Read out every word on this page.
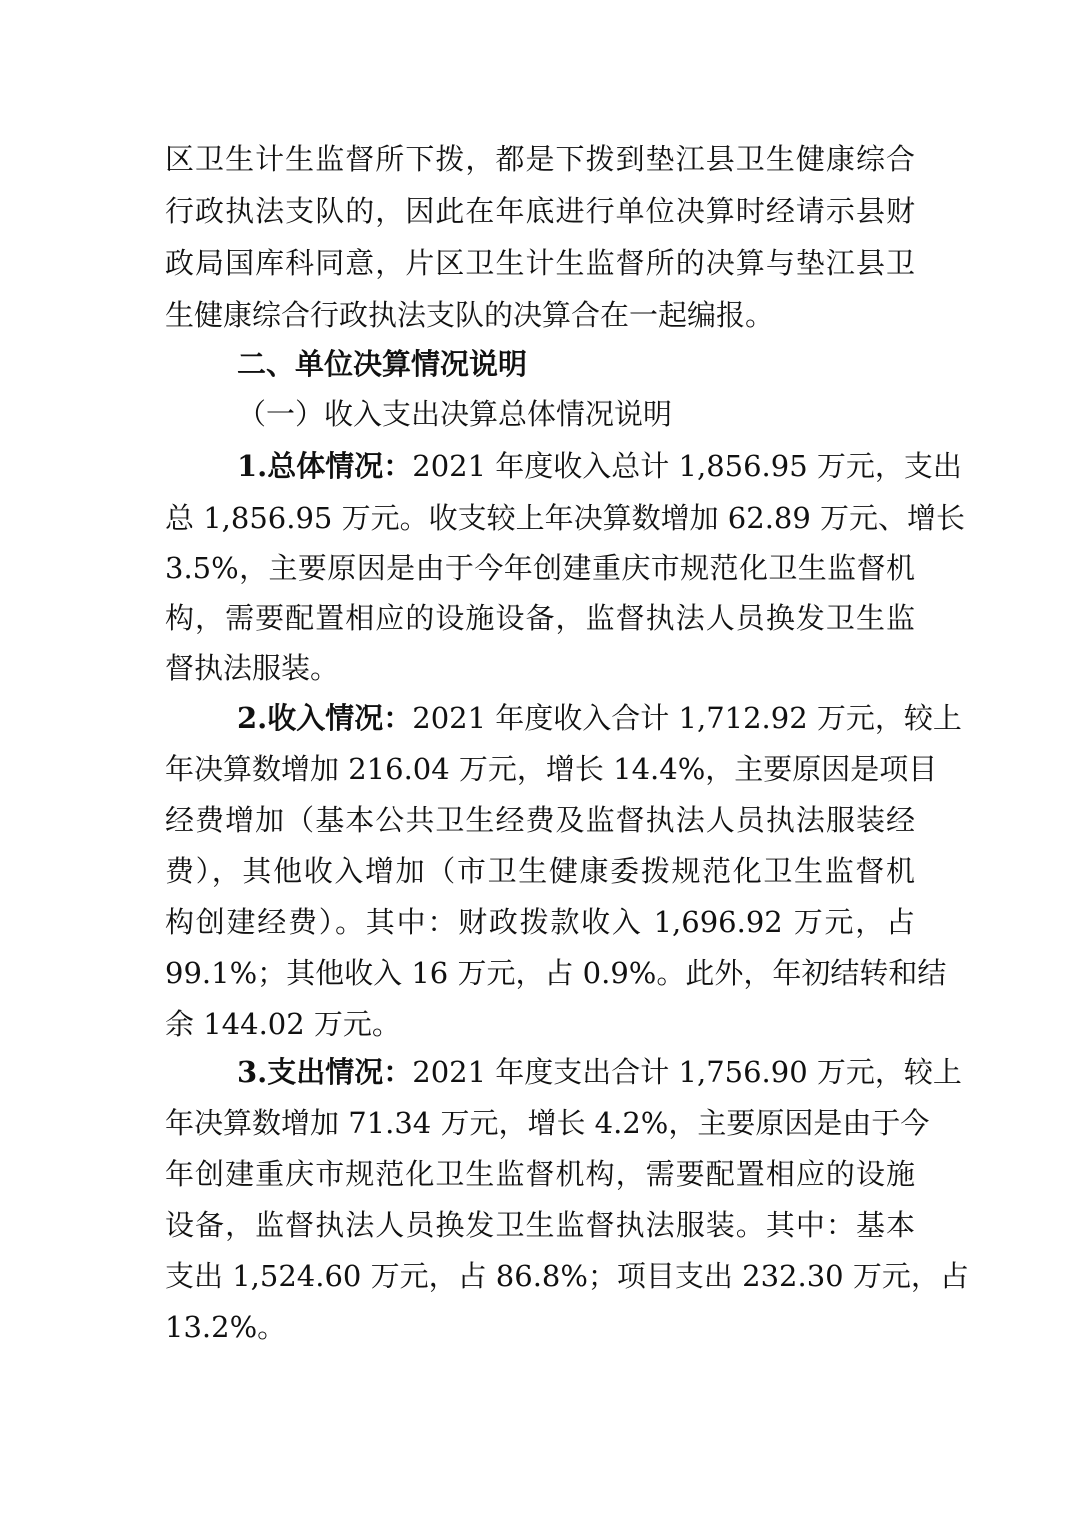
区卫生计生监督所下拨，都是下拨到垫江县卫生健康综合
行政执法支队的，因此在年底进行单位决算时经请示县财
政局国库科同意，片区卫生计生监督所的决算与垫江县卫
生健康综合行政执法支队的决算合在一起编报。
二、单位决算情况说明
（一）收入支出决算总体情况说明
1.总体情况：2021 年度收入总计 1,856.95 万元，支出
总 1,856.95 万元。收支较上年决算数增加 62.89 万元、增长
3.5%，主要原因是由于今年创建重庆市规范化卫生监督机
构，需要配置相应的设施设备，监督执法人员换发卫生监
督执法服装。
2.收入情况：2021 年度收入合计 1,712.92 万元，较上
年决算数增加 216.04 万元，增长 14.4%，主要原因是项目
经费增加（基本公共卫生经费及监督执法人员执法服装经
费），其他收入增加（市卫生健康委拨规范化卫生监督机
构创建经费）。其中：财政拨款收入 1,696.92 万元，占
99.1%；其他收入 16 万元，占 0.9%。此外，年初结转和结
余 144.02 万元。
3.支出情况：2021 年度支出合计 1,756.90 万元，较上
年决算数增加 71.34 万元，增长 4.2%，主要原因是由于今
年创建重庆市规范化卫生监督机构，需要配置相应的设施
设备，监督执法人员换发卫生监督执法服装。其中：基本
支出 1,524.60 万元，占 86.8%；项目支出 232.30 万元，占
13.2%。
